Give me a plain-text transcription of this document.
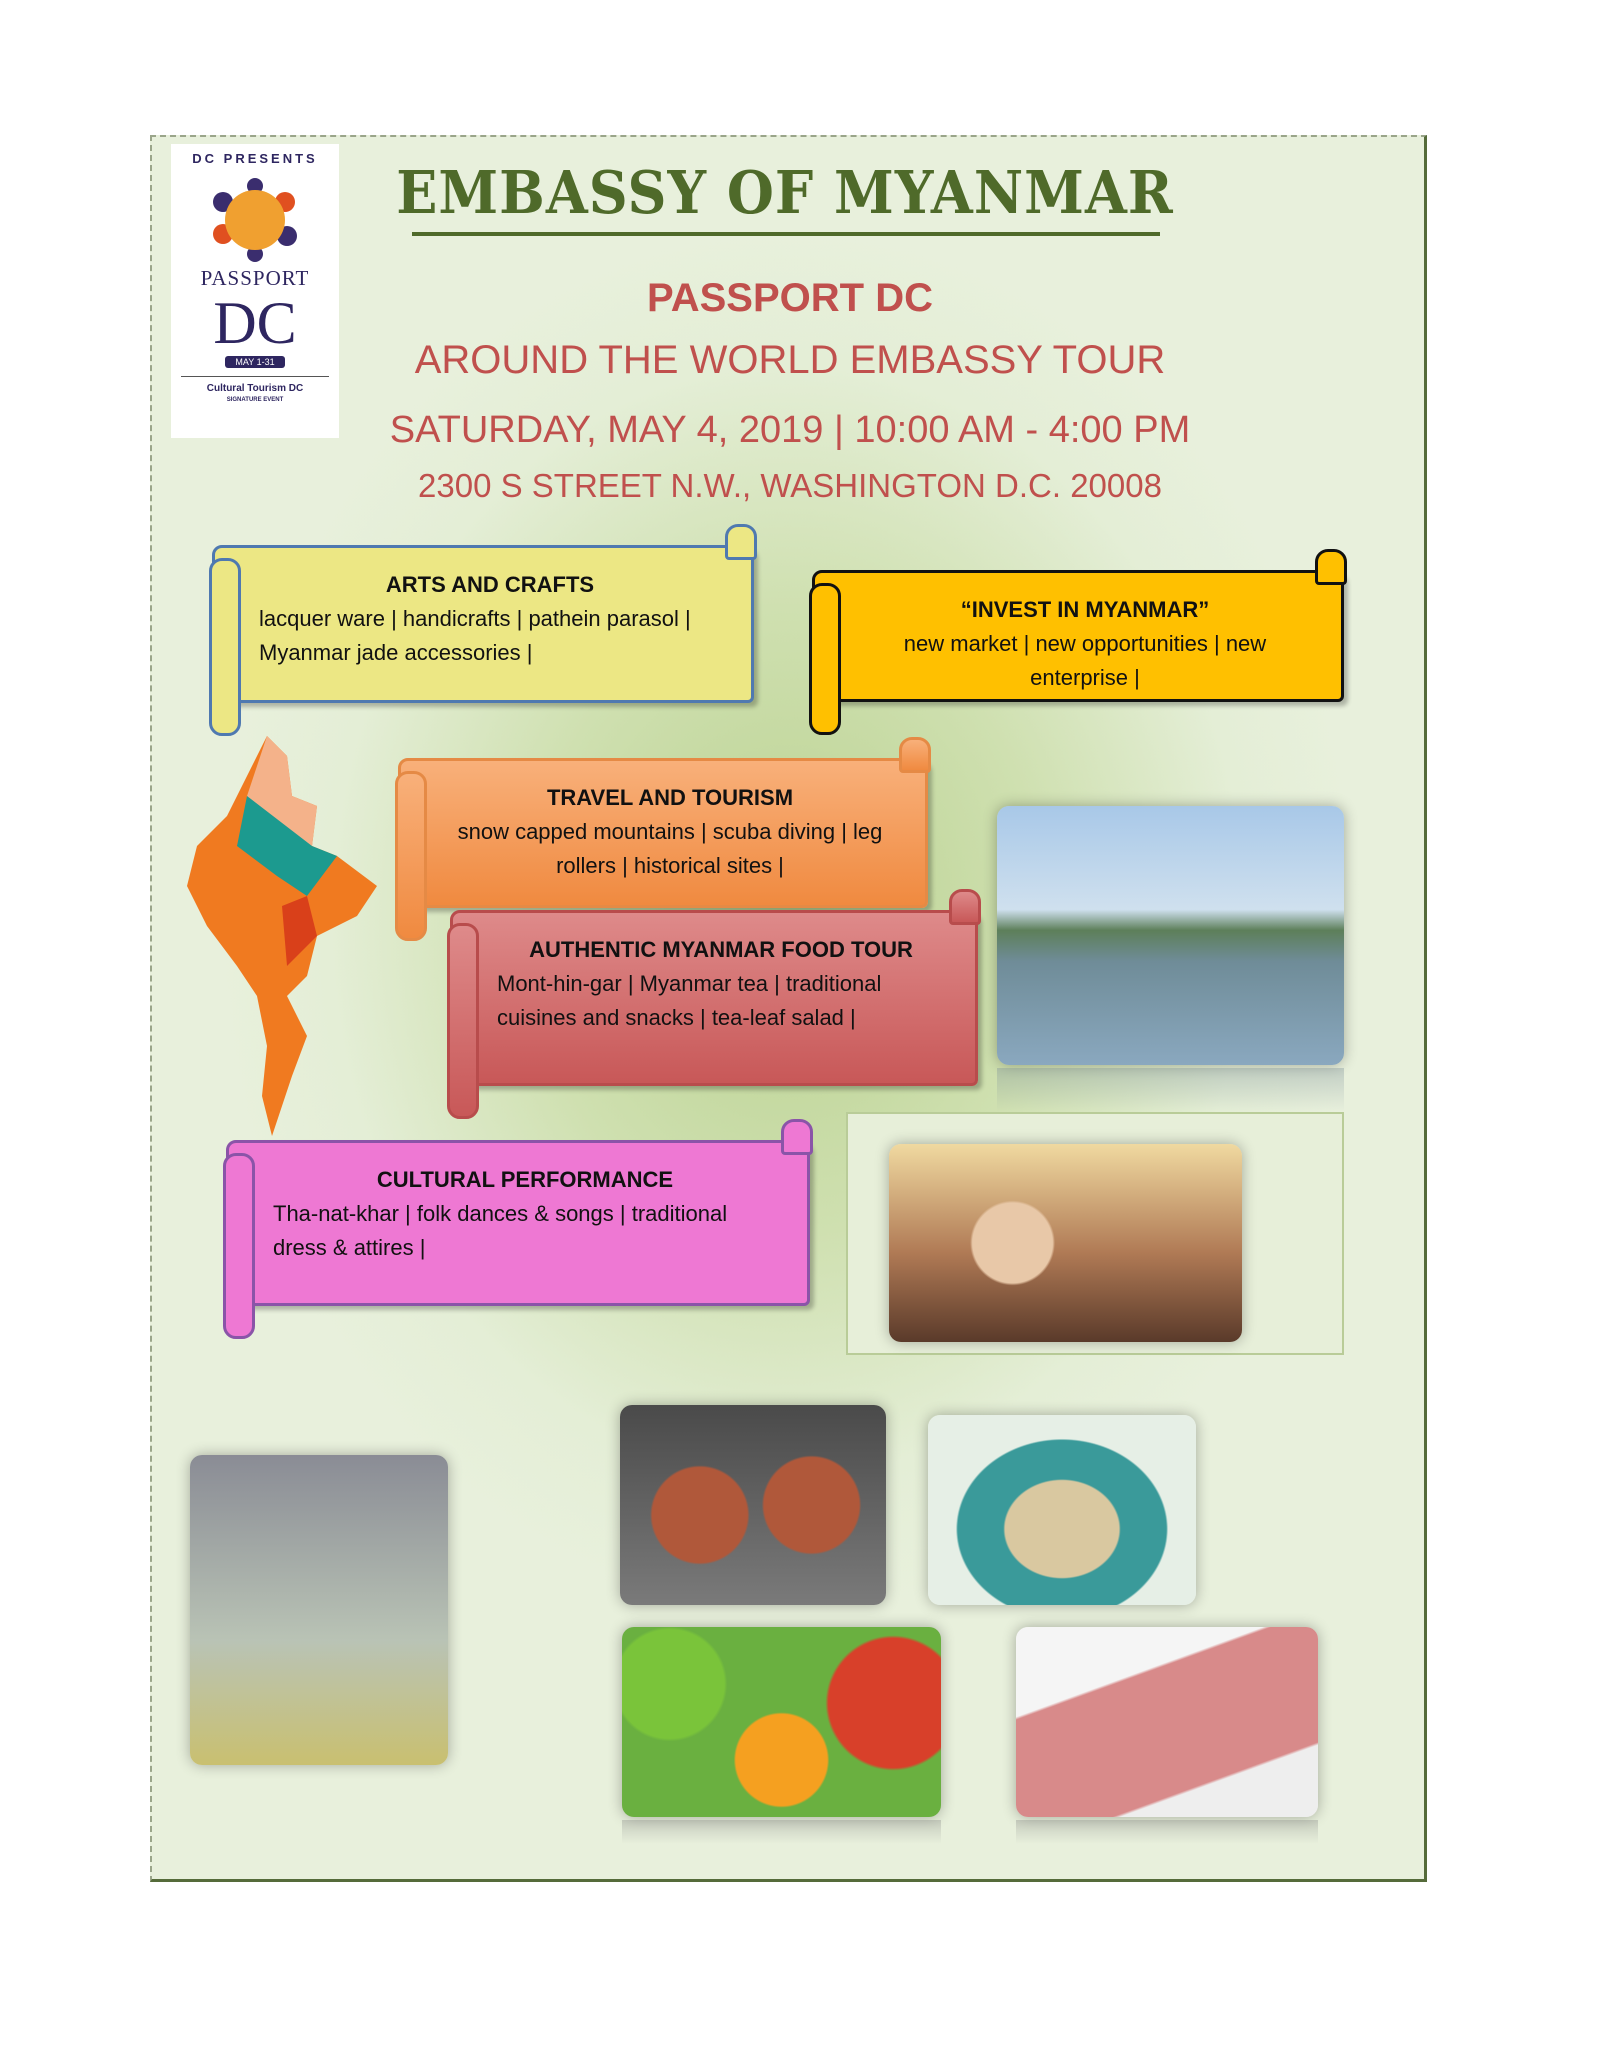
DC PRESENTS
PASSPORT
DC
MAY 1-31
Cultural Tourism DC
SIGNATURE EVENT
EMBASSY OF MYANMAR
PASSPORT DC
AROUND THE WORLD EMBASSY TOUR
SATURDAY, MAY 4, 2019 | 10:00 AM - 4:00 PM
2300 S STREET N.W., WASHINGTON D.C. 20008
ARTS AND CRAFTS

lacquer ware | handicrafts | pathein parasol | Myanmar jade accessories |

“INVEST IN MYANMAR”

new market | new opportunities | new enterprise |

TRAVEL AND TOURISM

snow capped mountains | scuba diving | leg rollers | historical sites |

AUTHENTIC MYANMAR FOOD TOUR

Mont-hin-gar | Myanmar tea | traditional cuisines and snacks | tea-leaf salad |

CULTURAL PERFORMANCE

Tha-nat-khar | folk dances & songs | traditional dress & attires |
